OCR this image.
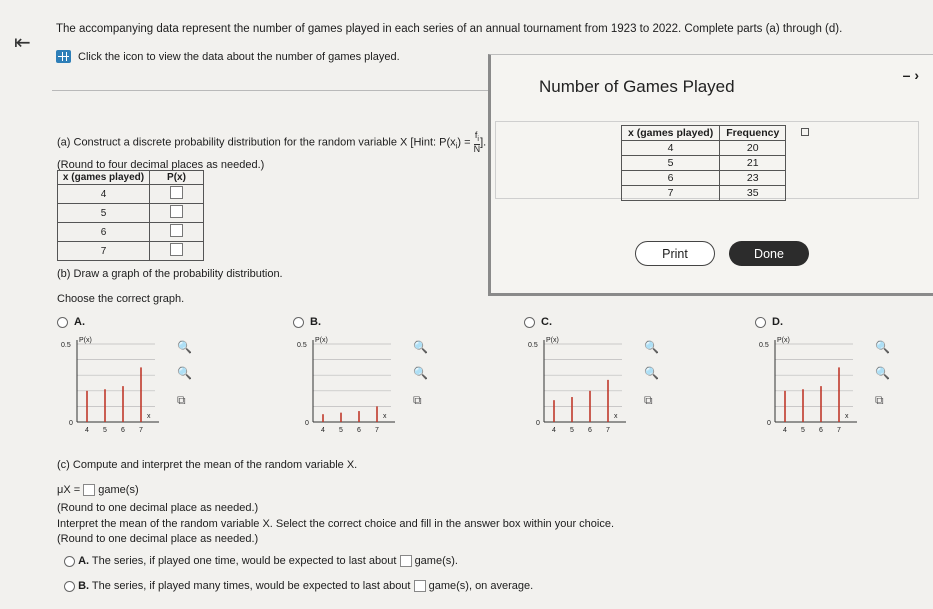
⇤
The accompanying data represent the number of games played in each series of an annual tournament from 1923 to 2022. Complete parts (a) through (d).
Click the icon to view the data about the number of games played.
(a) Construct a discrete probability distribution for the random variable X [Hint: $P(x_i) = \frac{f_i}{N}$ ].
(Round to four decimal places as needed.)
x (games played)	P(x)
4	
5	
6	
7	
Number of Games Played
– ›
x (games played)	Frequency
4	20
5	21
6	23
7	35
Print	Done
(b) Draw a graph of the probability distribution.
Choose the correct graph.
A.
🔍
🔍
⧉
P(x)
0.5
0
x
4 5 6 7
B.
🔍
🔍
⧉
P(x)
0.5
0
x
4 5 6 7
C.
🔍
🔍
⧉
P(x)
0.5
0
x
4 5 6 7
D.
🔍
🔍
⧉
P(x)
0.5
0
x
4 5 6 7
(c) Compute and interpret the mean of the random variable X.
μX = game(s)
(Round to one decimal place as needed.)
Interpret the mean of the random variable X. Select the correct choice and fill in the answer box within your choice.
(Round to one decimal place as needed.)
A. The series, if played one time, would be expected to last about game(s).
B. The series, if played many times, would be expected to last about game(s), on average.
